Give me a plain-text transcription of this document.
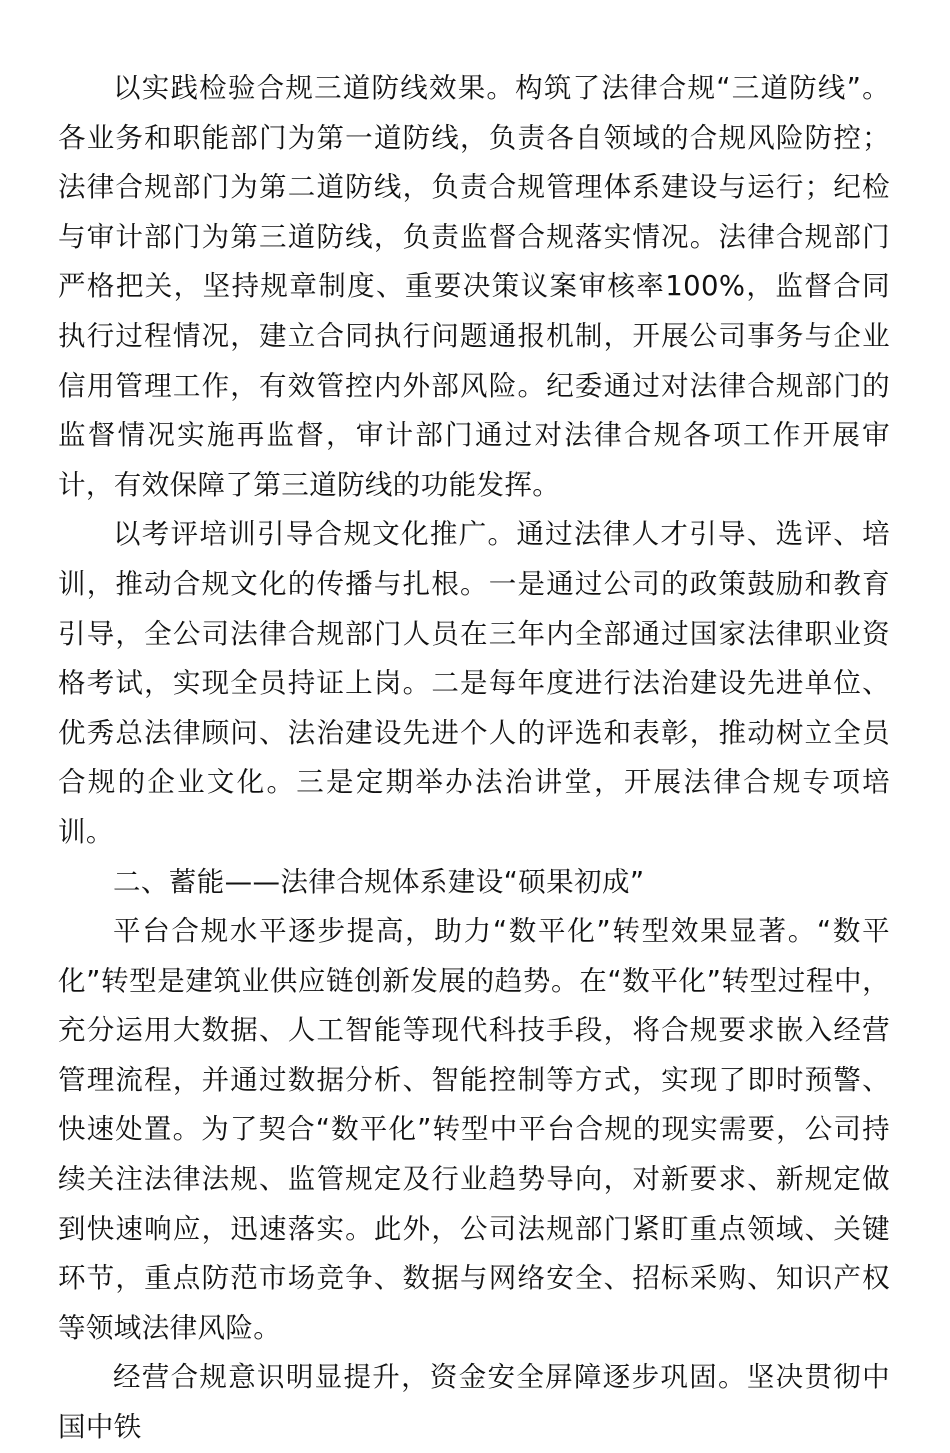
以实践检验合规三道防线效果。构筑了法律合规“三道防线”。各业务和职能部门为第一道防线，负责各自领域的合规风险防控；法律合规部门为第二道防线，负责合规管理体系建设与运行；纪检与审计部门为第三道防线，负责监督合规落实情况。法律合规部门严格把关，坚持规章制度、重要决策议案审核率100%，监督合同执行过程情况，建立合同执行问题通报机制，开展公司事务与企业信用管理工作，有效管控内外部风险。纪委通过对法律合规部门的监督情况实施再监督，审计部门通过对法律合规各项工作开展审计，有效保障了第三道防线的功能发挥。

以考评培训引导合规文化推广。通过法律人才引导、选评、培训，推动合规文化的传播与扎根。一是通过公司的政策鼓励和教育引导，全公司法律合规部门人员在三年内全部通过国家法律职业资格考试，实现全员持证上岗。二是每年度进行法治建设先进单位、优秀总法律顾问、法治建设先进个人的评选和表彰，推动树立全员合规的企业文化。三是定期举办法治讲堂，开展法律合规专项培训。

二、蓄能——法律合规体系建设“硕果初成”

平台合规水平逐步提高，助力“数平化”转型效果显著。“数平化”转型是建筑业供应链创新发展的趋势。在“数平化”转型过程中，充分运用大数据、人工智能等现代科技手段，将合规要求嵌入经营管理流程，并通过数据分析、智能控制等方式，实现了即时预警、快速处置。为了契合“数平化”转型中平台合规的现实需要，公司持续关注法律法规、监管规定及行业趋势导向，对新要求、新规定做到快速响应，迅速落实。此外，公司法规部门紧盯重点领域、关键环节，重点防范市场竞争、数据与网络安全、招标采购、知识产权等领域法律风险。

经营合规意识明显提升，资金安全屏障逐步巩固。坚决贯彻中国中铁
